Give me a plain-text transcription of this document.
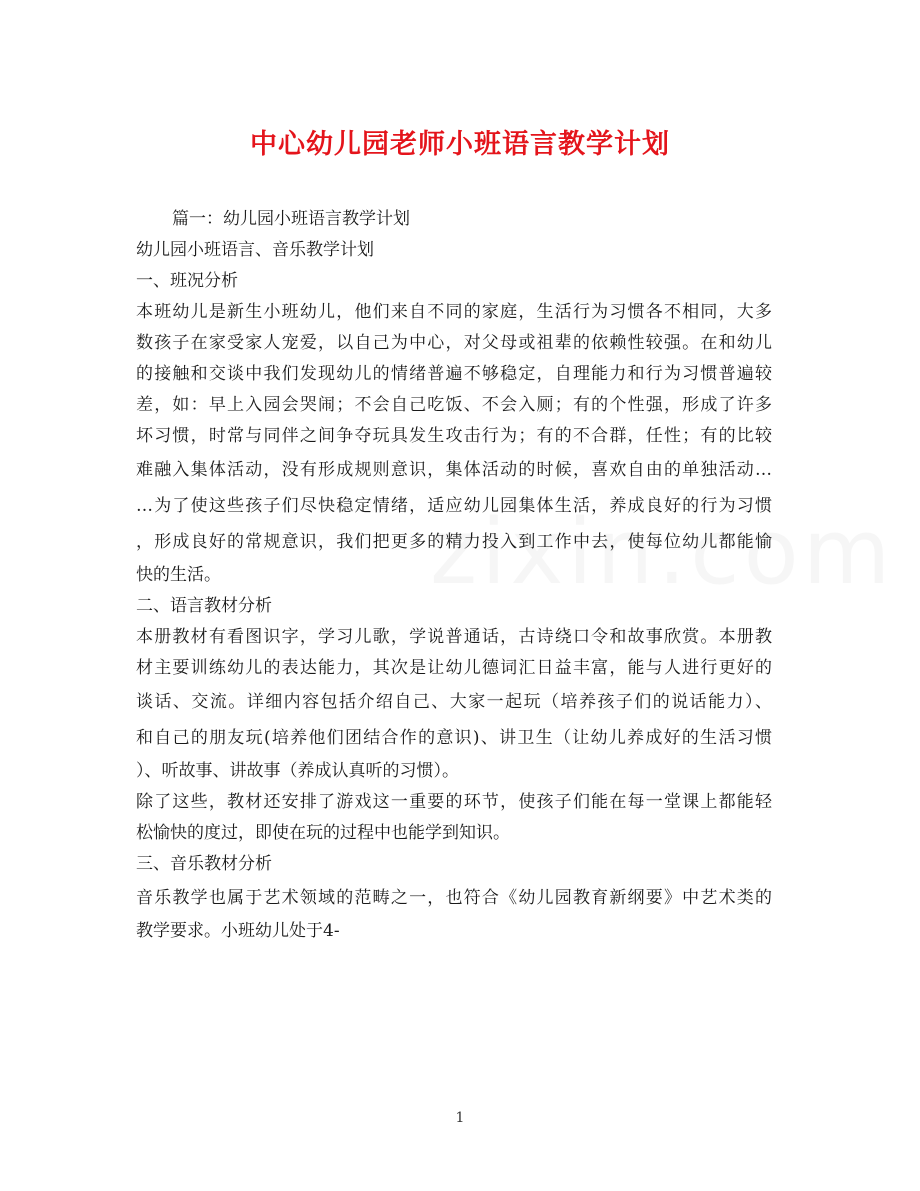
中心幼儿园老师小班语言教学计划
篇一：幼儿园小班语言教学计划
幼儿园小班语言、音乐教学计划
一、班况分析
本班幼儿是新生小班幼儿，他们来自不同的家庭，生活行为习惯各不相同，大多
数孩子在家受家人宠爱，以自己为中心，对父母或祖辈的依赖性较强。在和幼儿
的接触和交谈中我们发现幼儿的情绪普遍不够稳定，自理能力和行为习惯普遍较
差，如：早上入园会哭闹；不会自己吃饭、不会入厕；有的个性强，形成了许多
坏习惯，时常与同伴之间争夺玩具发生攻击行为；有的不合群，任性；有的比较
难融入集体活动，没有形成规则意识，集体活动的时候，喜欢自由的单独活动…
…为了使这些孩子们尽快稳定情绪，适应幼儿园集体生活，养成良好的行为习惯
，形成良好的常规意识，我们把更多的精力投入到工作中去，使每位幼儿都能愉
快的生活。
二、语言教材分析
本册教材有看图识字，学习儿歌，学说普通话，古诗绕口令和故事欣赏。本册教
材主要训练幼儿的表达能力，其次是让幼儿德词汇日益丰富，能与人进行更好的
谈话、交流。详细内容包括介绍自己、大家一起玩（培养孩子们的说话能力）、
和自己的朋友玩(培养他们团结合作的意识)、讲卫生（让幼儿养成好的生活习惯
）、听故事、讲故事（养成认真听的习惯）。
除了这些，教材还安排了游戏这一重要的环节，使孩子们能在每一堂课上都能轻
松愉快的度过，即使在玩的过程中也能学到知识。
三、音乐教材分析
音乐教学也属于艺术领域的范畴之一，也符合《幼儿园教育新纲要》中艺术类的
教学要求。小班幼儿处于4-
1
